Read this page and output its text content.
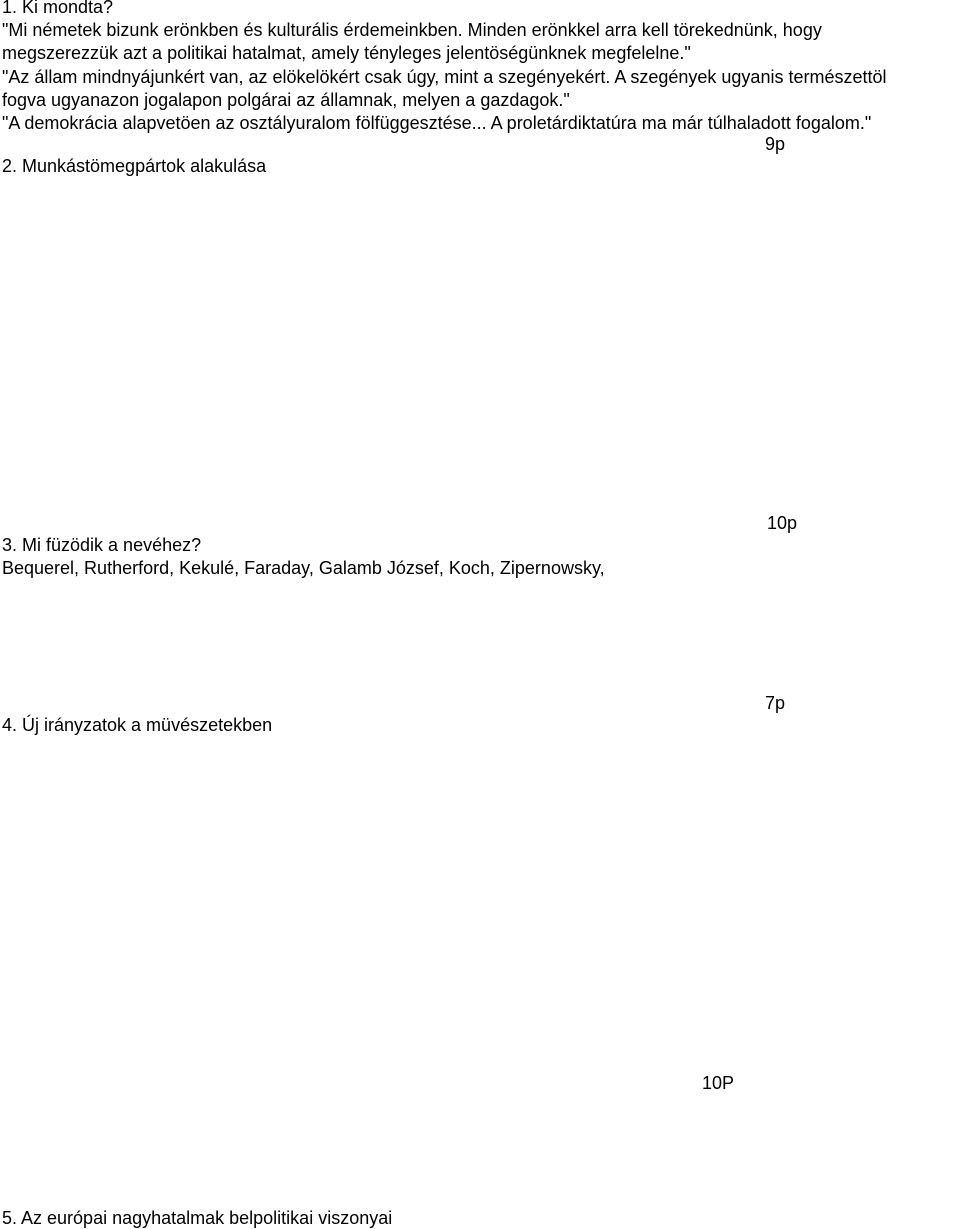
1. Ki mondta?
"Mi németek bizunk erönkben és kulturális érdemeinkben. Minden erönkkel arra kell törekednünk, hogy
megszerezzük azt a politikai hatalmat, amely tényleges jelentöségünknek megfelelne."
"Az állam mindnyájunkért van, az elökelökért csak úgy, mint a szegényekért. A szegények ugyanis természettöl
fogva ugyanazon jogalapon polgárai az államnak, melyen a gazdagok."
"A demokrácia alapvetöen az osztályuralom fölfüggesztése... A proletárdiktatúra ma már túlhaladott fogalom."
9p
2. Munkástömegpártok alakulása
10p
3. Mi füzödik a nevéhez?
Bequerel, Rutherford, Kekulé, Faraday, Galamb József, Koch, Zipernowsky,
7p
4. Új irányzatok a müvészetekben
10P
5. Az európai nagyhatalmak belpolitikai viszonyai
